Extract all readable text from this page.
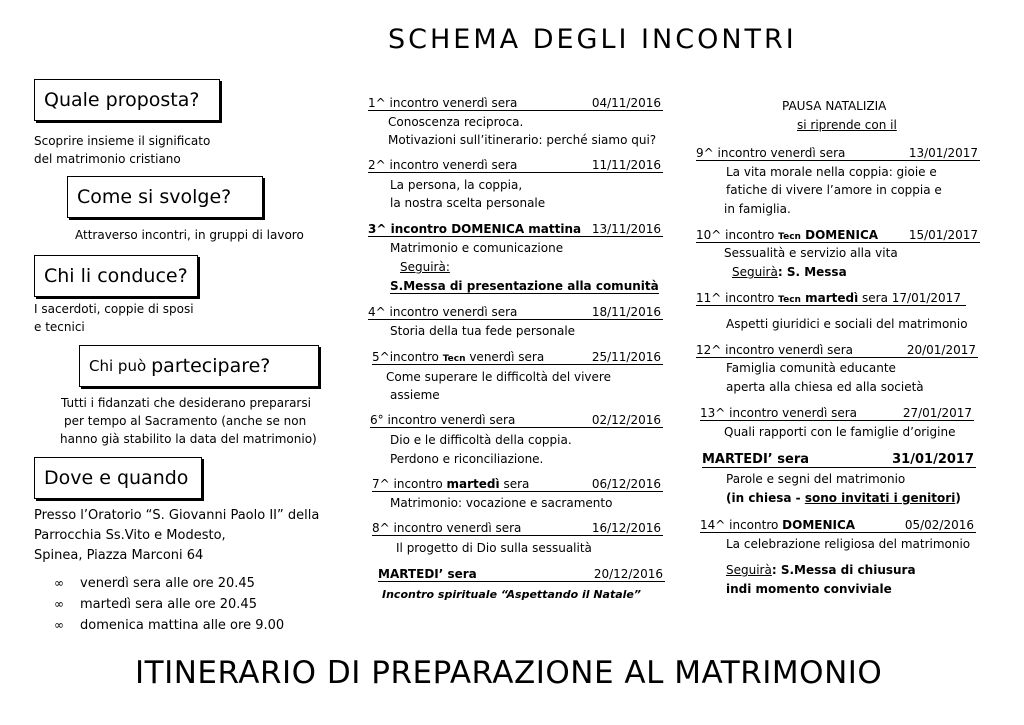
SCHEMA DEGLI INCONTRI
ITINERARIO DI PREPARAZIONE AL MATRIMONIO
Quale proposta?
Scoprire insieme il significato
del matrimonio cristiano
Come si svolge?
Attraverso incontri, in gruppi di lavoro
Chi li conduce?
I sacerdoti, coppie di sposi
e tecnici
Chi può partecipare?
Tutti i fidanzati che desiderano prepararsi
per tempo al Sacramento (anche se non
hanno già stabilito la data del matrimonio)
Dove e quando
Presso l’Oratorio “S. Giovanni Paolo II” della
Parrocchia Ss.Vito e Modesto,
Spinea, Piazza Marconi 64
∞ venerdì sera alle ore 20.45
∞ martedì sera alle ore 20.45
∞ domenica mattina alle ore 9.00
1^ incontro venerdì sera	04/11/2016
Conoscenza reciproca.
Motivazioni sull’itinerario: perché siamo qui?
2^ incontro venerdì sera	11/11/2016
La persona, la coppia,
la nostra scelta personale
3^ incontro DOMENICA mattina 13/11/2016
Matrimonio e comunicazione
Seguirà:
S.Messa di presentazione alla comunità
4^ incontro venerdì sera	18/11/2016
Storia della tua fede personale
5^incontro Tecn venerdì sera	25/11/2016
Come superare le difficoltà del vivere
assieme
6° incontro venerdì sera	02/12/2016
Dio e le difficoltà della coppia.
Perdono e riconciliazione.
7^ incontro martedì sera	06/12/2016
Matrimonio: vocazione e sacramento
8^ incontro venerdì sera	16/12/2016
Il progetto di Dio sulla sessualità
MARTEDI’ sera	20/12/2016
Incontro spirituale “Aspettando il Natale”
PAUSA NATALIZIA
si riprende con il
9^ incontro venerdì sera	13/01/2017
La vita morale nella coppia: gioie e
fatiche di vivere l’amore in coppia e
in famiglia.
10^ incontro Tecn DOMENICA	15/01/2017
Sessualità e servizio alla vita
Seguirà: S. Messa
11^ incontro Tecn martedì sera 17/01/2017
Aspetti giuridici e sociali del matrimonio
12^ incontro venerdì sera	20/01/2017
Famiglia comunità educante
aperta alla chiesa ed alla società
13^ incontro venerdì sera	27/01/2017
Quali rapporti con le famiglie d’origine
MARTEDI’ sera	31/01/2017
Parole e segni del matrimonio
(in chiesa - sono invitati i genitori)
14^ incontro DOMENICA	05/02/2016
La celebrazione religiosa del matrimonio
Seguirà: S.Messa di chiusura
indi momento conviviale
